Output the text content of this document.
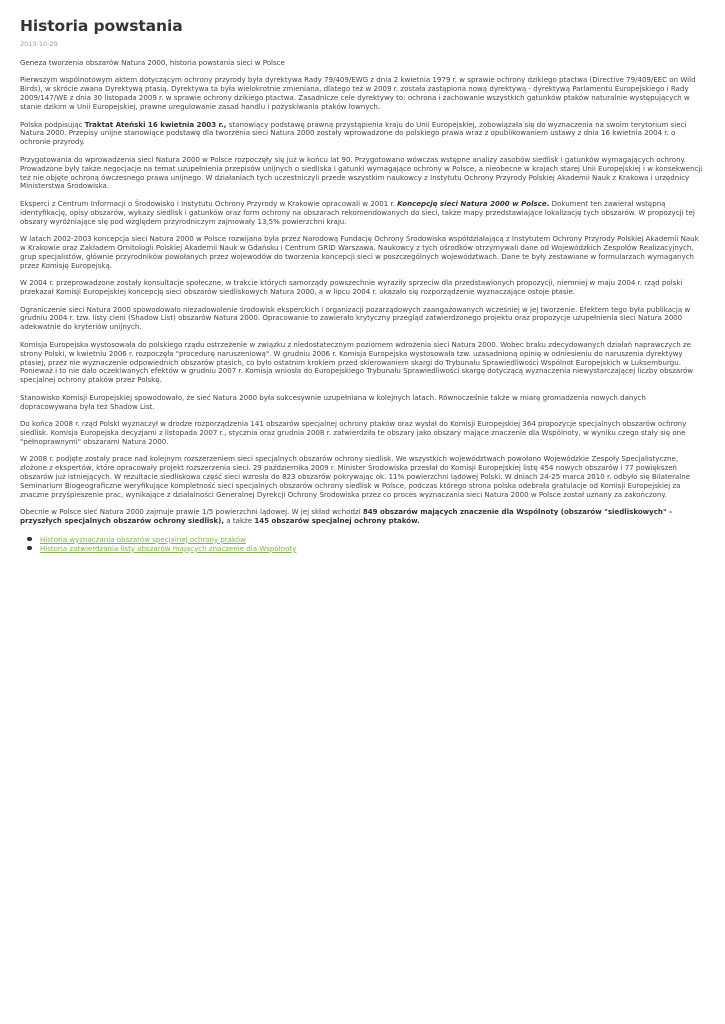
Historia powstania
2013-10-29

Geneza tworzenia obszarów Natura 2000, historia powstania sieci w Polsce

Pierwszym wspólnotowym aktem dotyczącym ochrony przyrody była dyrektywa Rady 79/409/EWG z dnia 2 kwietnia 1979 r. w sprawie ochrony dzikiego ptactwa (Directive 79/409/EEC on Wild Birds), w skrócie zwana Dyrektywą ptasią. Dyrektywa ta była wielokrotnie zmieniana, dlatego też w 2009 r. została zastąpiona nową dyrektywą - dyrektywą Parlamentu Europejskiego i Rady 2009/147/WE z dnia 30 listopada 2009 r. w sprawie ochrony dzikiego ptactwa. Zasadnicze cele dyrektywy to: ochrona i zachowanie wszystkich gatunków ptaków naturalnie występujących w stanie dzikim w Unii Europejskiej, prawne uregulowanie zasad handlu i pozyskiwania ptaków łownych.

Polska podpisując Traktat Ateński 16 kwietnia 2003 r., stanowiący podstawę prawną przystąpienia kraju do Unii Europejskiej, zobowiązała się do wyznaczenia na swoim terytorium sieci Natura 2000. Przepisy unijne stanowiące podstawę dla tworzenia sieci Natura 2000 zostały wprowadzone do polskiego prawa wraz z opublikowaniem ustawy z dnia 16 kwietnia 2004 r. o ochronie przyrody.

Przygotowania do wprowadzenia sieci Natura 2000 w Polsce rozpoczęły się już w końcu lat 90. Przygotowano wówczas wstępne analizy zasobów siedlisk i gatunków wymagających ochrony. Prowadzone były także negocjacje na temat uzupełnienia przepisów unijnych o siedliska i gatunki wymagające ochrony w Polsce, a nieobecne w krajach starej Unii Europejskiej i w konsekwencji też nie objęte ochroną ówczesnego prawa unijnego. W działaniach tych uczestniczyli przede wszystkim naukowcy z Instytutu Ochrony Przyrody Polskiej Akademii Nauk z Krakowa i urzędnicy Ministerstwa Środowiska.

Eksperci z Centrum Informacji o Środowisku i Instytutu Ochrony Przyrody w Krakowie opracowali w 2001 r. Koncepcję sieci Natura 2000 w Polsce. Dokument ten zawierał wstępną identyfikację, opisy obszarów, wykazy siedlisk i gatunków oraz form ochrony na obszarach rekomendowanych do sieci, także mapy przedstawiające lokalizację tych obszarów. W propozycji tej obszary wyróżniające się pod względem przyrodniczym zajmowały 13,5% powierzchni kraju.

W latach 2002-2003 koncepcja sieci Natura 2000 w Polsce rozwijana była przez Narodową Fundację Ochrony Środowiska współdziałającą z Instytutem Ochrony Przyrody Polskiej Akademii Nauk w Krakowie oraz Zakładem Ornitologii Polskiej Akademii Nauk w Gdańsku i Centrum GRID Warszawa. Naukowcy z tych ośrodków otrzymywali dane od Wojewódzkich Zespołów Realizacyjnych, grup specjalistów, głównie przyrodników powołanych przez wojewodów do tworzenia koncepcji sieci w poszczególnych województwach. Dane te były zestawiane w formularzach wymaganych przez Komisję Europejską.

W 2004 r. przeprowadzone zostały konsultacje społeczne, w trakcie których samorządy powszechnie wyraziły sprzeciw dla przedstawionych propozycji, niemniej w maju 2004 r. rząd polski przekazał Komisji Europejskiej koncepcję sieci obszarów siedliskowych Natura 2000, a w lipcu 2004 r. ukazało się rozporządzenie wyznaczające ostoje ptasie.

Ograniczenie sieci Natura 2000 spowodowało niezadowolenie środowisk eksperckich i organizacji pozarządowych zaangażowanych wcześniej w jej tworzenie. Efektem tego była publikacja w grudniu 2004 r. tzw. listy cieni (Shadow List) obszarów Natura 2000. Opracowanie to zawierało krytyczny przegląd zatwierdzonego projektu oraz propozycje uzupełnienia sieci Natura 2000 adekwatnie do kryteriów unijnych.

Komisja Europejska wystosowała do polskiego rządu ostrzeżenie w związku z niedostatecznym poziomem wdrożenia sieci Natura 2000. Wobec braku zdecydowanych działań naprawczych ze strony Polski, w kwietniu 2006 r. rozpoczęła "procedurę naruszeniową". W grudniu 2006 r. Komisja Europejska wystosowała tzw. uzasadnioną opinię w odniesieniu do naruszenia dyrektywy ptasiej, przez nie wyznaczenie odpowiednich obszarów ptasich, co było ostatnim krokiem przed skierowaniem skargi do Trybunału Sprawiedliwości Wspólnot Europejskich w Luksemburgu. Ponieważ i to nie dało oczekiwanych efektów w grudniu 2007 r. Komisja wniosła do Europejskiego Trybunału Sprawiedliwości skargę dotyczącą wyznaczenia niewystarczającej liczby obszarów specjalnej ochrony ptaków przez Polskę.

Stanowisko Komisji Europejskiej spowodowało, że sieć Natura 2000 była sukcesywnie uzupełniana w kolejnych latach. Równocześnie także w miarę gromadzenia nowych danych dopracowywana była też Shadow List.

Do końca 2008 r. rząd Polski wyznaczył w drodze rozporządzenia 141 obszarów specjalnej ochrony ptaków oraz wysłał do Komisji Europejskiej 364 propozycje specjalnych obszarów ochrony siedlisk. Komisja Europejska decyzjami z listopada 2007 r., stycznia oraz grudnia 2008 r. zatwierdziła te obszary jako obszary mające znaczenie dla Wspólnoty, w wyniku czego stały się one "pełnoprawnymi" obszarami Natura 2000.

W 2008 r. podjęte zostały prace nad kolejnym rozszerzeniem sieci specjalnych obszarów ochrony siedlisk. We wszystkich województwach powołano Wojewódzkie Zespoły Specjalistyczne, złożone z ekspertów, które opracowały projekt rozszerzenia sieci. 29 października 2009 r. Minister Środowiska przesłał do Komisji Europejskiej listę 454 nowych obszarów i 77 powiększeń obszarów już istniejących. W rezultacie siedliskowa część sieci wzrosła do 823 obszarów pokrywając ok. 11% powierzchni lądowej Polski. W dniach 24-25 marca 2010 r. odbyło się Bilateralne Seminarium Biogeograficzne weryfikujące kompletność sieci specjalnych obszarów ochrony siedlisk w Polsce, podczas którego strona polska odebrała gratulacje od Komisji Europejskiej za znaczne przyśpieszenie prac, wynikające z działalności Generalnej Dyrekcji Ochrony Środowiska przez co proces wyznaczania sieci Natura 2000 w Polsce został uznany za zakończony.

Obecnie w Polsce sieć Natura 2000 zajmuje prawie 1/5 powierzchni lądowej. W jej skład wchodzi 849 obszarów mających znaczenie dla Wspólnoty (obszarów "siedliskowych" - przyszłych specjalnych obszarów ochrony siedlisk), a także 145 obszarów specjalnej ochrony ptaków.

Historia wyznaczania obszarów specjalnej ochrony ptaków
Historia zatwierdzania listy obszarów mających znaczenie dla Wspólnoty
